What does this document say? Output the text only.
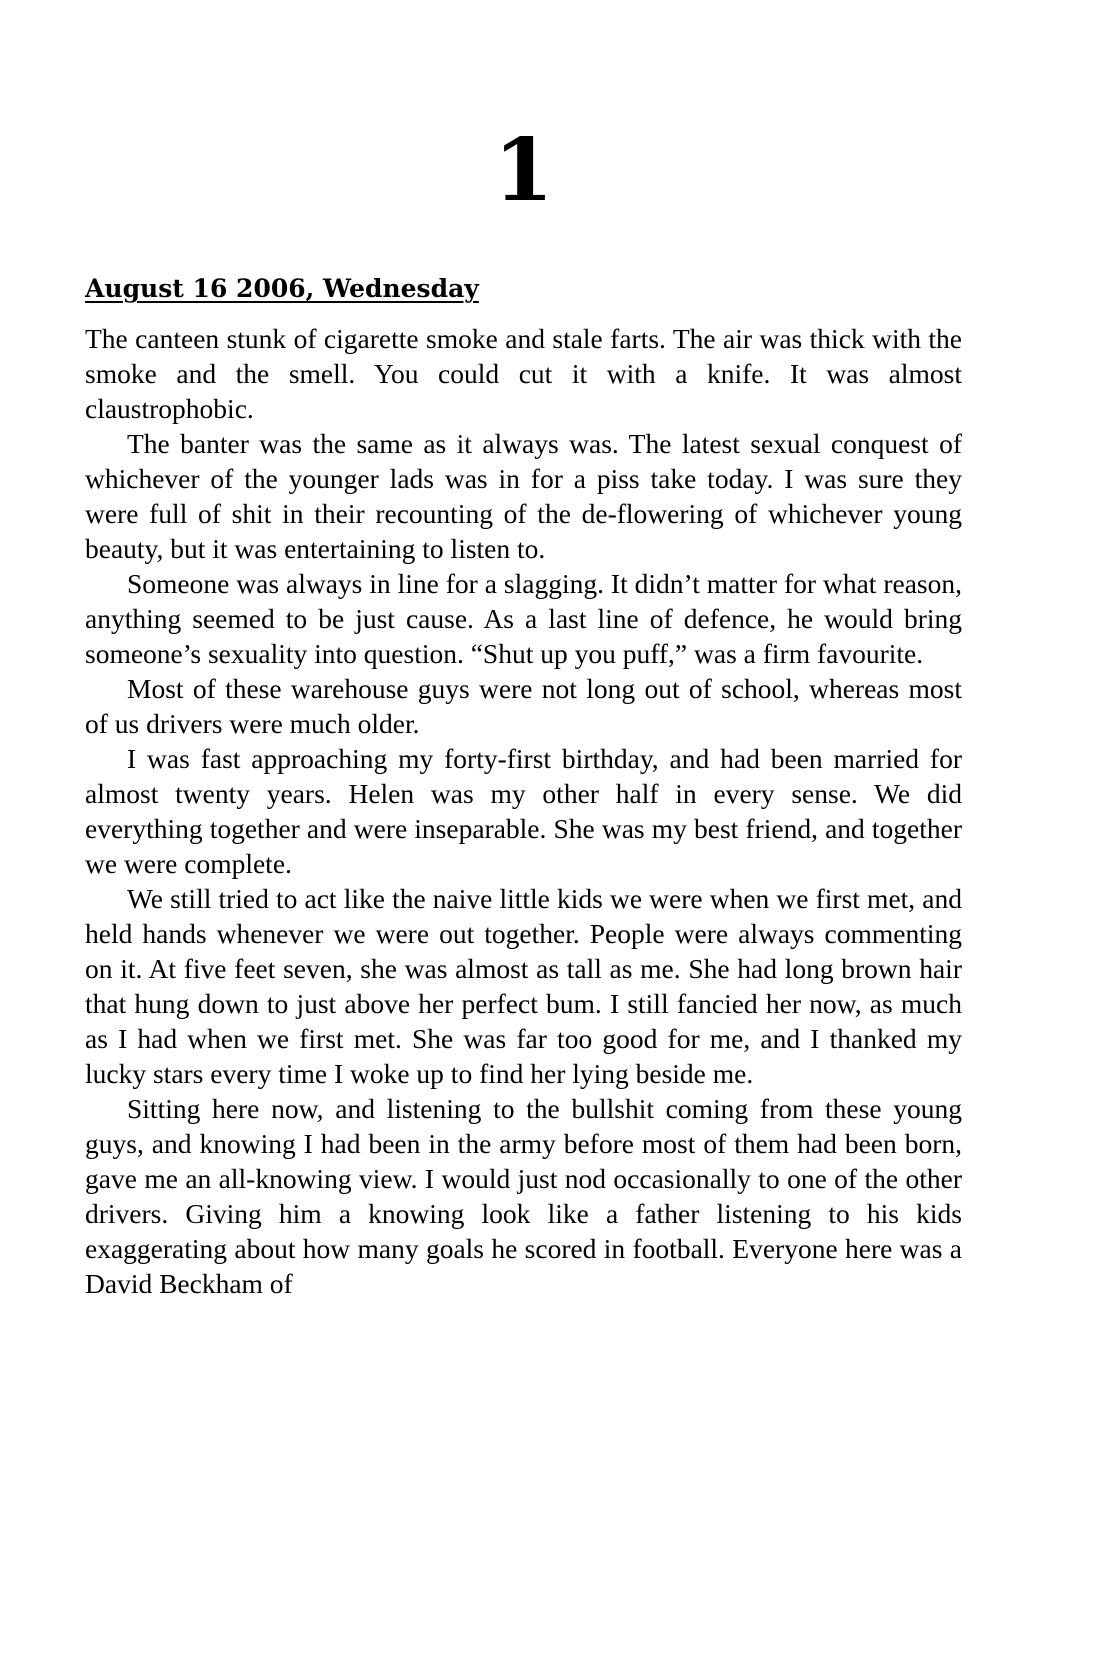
1
August 16 2006, Wednesday

The canteen stunk of cigarette smoke and stale farts. The air was thick with the smoke and the smell. You could cut it with a knife. It was almost claustrophobic.

The banter was the same as it always was. The latest sexual conquest of whichever of the younger lads was in for a piss take today. I was sure they were full of shit in their recounting of the de-flowering of whichever young beauty, but it was entertaining to listen to.

Someone was always in line for a slagging. It didn’t matter for what reason, anything seemed to be just cause. As a last line of defence, he would bring someone’s sexuality into question. “Shut up you puff,” was a firm favourite.

Most of these warehouse guys were not long out of school, whereas most of us drivers were much older.

I was fast approaching my forty-first birthday, and had been married for almost twenty years. Helen was my other half in every sense. We did everything together and were inseparable. She was my best friend, and together we were complete.

We still tried to act like the naive little kids we were when we first met, and held hands whenever we were out together. People were always commenting on it. At five feet seven, she was almost as tall as me. She had long brown hair that hung down to just above her perfect bum. I still fancied her now, as much as I had when we first met. She was far too good for me, and I thanked my lucky stars every time I woke up to find her lying beside me.

Sitting here now, and listening to the bullshit coming from these young guys, and knowing I had been in the army before most of them had been born, gave me an all-knowing view. I would just nod occasionally to one of the other drivers. Giving him a knowing look like a father listening to his kids exaggerating about how many goals he scored in football. Everyone here was a David Beckham of
